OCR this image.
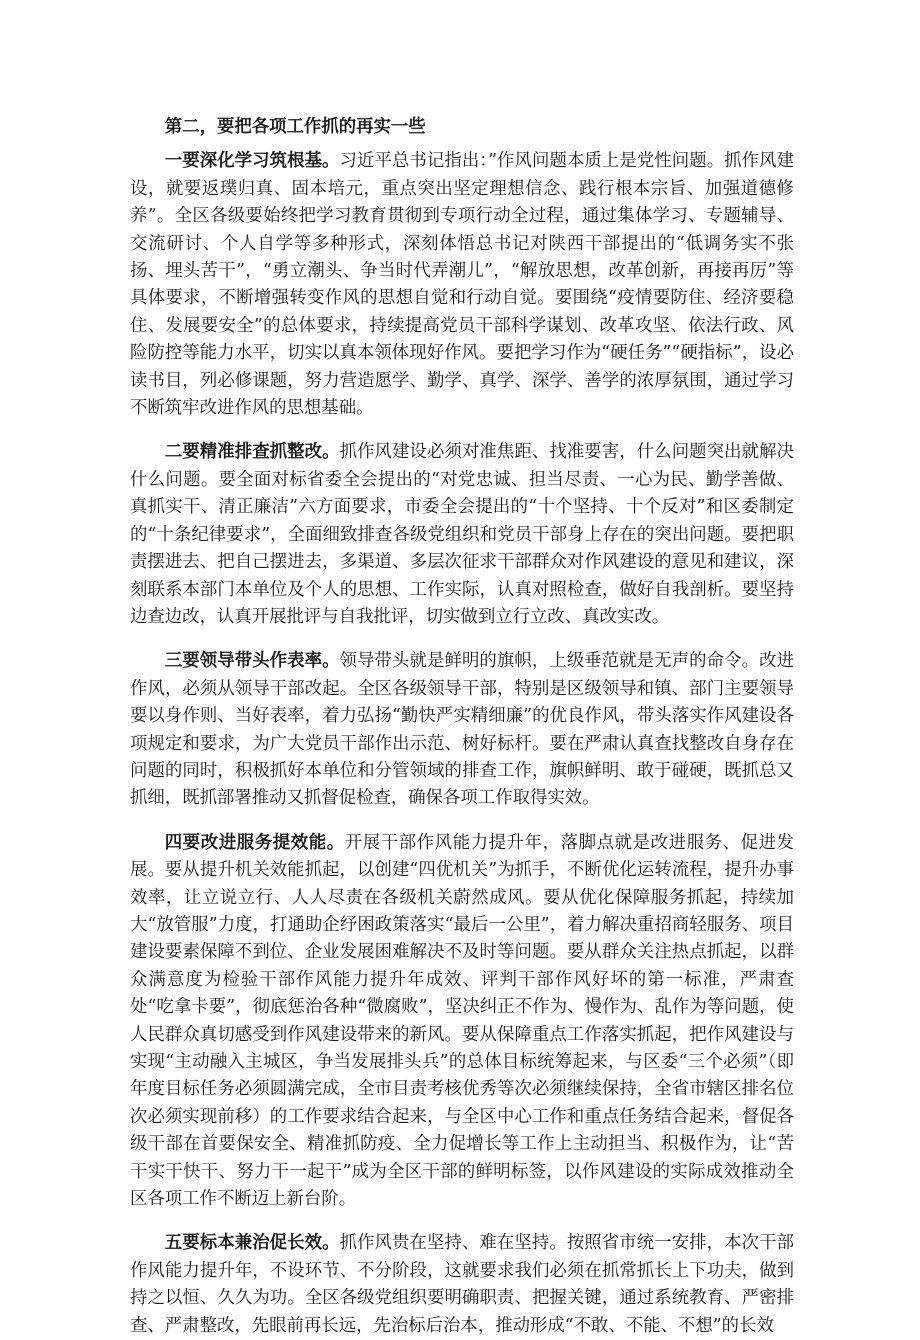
第二，要把各项工作抓的再实一些

一要深化学习筑根基。习近平总书记指出：”作风问题本质上是党性问题。抓作风建设，就要返璞归真、固本培元，重点突出坚定理想信念、践行根本宗旨、加强道德修养”。全区各级要始终把学习教育贯彻到专项行动全过程，通过集体学习、专题辅导、交流研讨、个人自学等多种形式，深刻体悟总书记对陕西干部提出的“低调务实不张扬、埋头苦干”，“勇立潮头、争当时代弄潮儿”，“解放思想，改革创新，再接再厉”等具体要求，不断增强转变作风的思想自觉和行动自觉。要围绕“疫情要防住、经济要稳住、发展要安全”的总体要求，持续提高党员干部科学谋划、改革攻坚、依法行政、风险防控等能力水平，切实以真本领体现好作风。要把学习作为“硬任务”“硬指标”，设必读书目，列必修课题，努力营造愿学、勤学、真学、深学、善学的浓厚氛围，通过学习不断筑牢改进作风的思想基础。

二要精准排查抓整改。抓作风建设必须对准焦距、找准要害，什么问题突出就解决什么问题。要全面对标省委全会提出的“对党忠诚、担当尽责、一心为民、勤学善做、真抓实干、清正廉洁”六方面要求，市委全会提出的“十个坚持、十个反对”和区委制定的“十条纪律要求”，全面细致排查各级党组织和党员干部身上存在的突出问题。要把职责摆进去、把自己摆进去，多渠道、多层次征求干部群众对作风建设的意见和建议，深刻联系本部门本单位及个人的思想、工作实际，认真对照检查，做好自我剖析。要坚持边查边改，认真开展批评与自我批评，切实做到立行立改、真改实改。

三要领导带头作表率。领导带头就是鲜明的旗帜，上级垂范就是无声的命令。改进作风，必须从领导干部改起。全区各级领导干部，特别是区级领导和镇、部门主要领导要以身作则、当好表率，着力弘扬“勤快严实精细廉”的优良作风，带头落实作风建设各项规定和要求，为广大党员干部作出示范、树好标杆。要在严肃认真查找整改自身存在问题的同时，积极抓好本单位和分管领域的排查工作，旗帜鲜明、敢于碰硬，既抓总又抓细，既抓部署推动又抓督促检查，确保各项工作取得实效。

四要改进服务提效能。开展干部作风能力提升年，落脚点就是改进服务、促进发展。要从提升机关效能抓起，以创建“四优机关”为抓手，不断优化运转流程，提升办事效率，让立说立行、人人尽责在各级机关蔚然成风。要从优化保障服务抓起，持续加大“放管服”力度，打通助企纾困政策落实“最后一公里”，着力解决重招商轻服务、项目建设要素保障不到位、企业发展困难解决不及时等问题。要从群众关注热点抓起，以群众满意度为检验干部作风能力提升年成效、评判干部作风好坏的第一标准，严肃查处“吃拿卡要”，彻底惩治各种“微腐败”，坚决纠正不作为、慢作为、乱作为等问题，使人民群众真切感受到作风建设带来的新风。要从保障重点工作落实抓起，把作风建设与实现“主动融入主城区，争当发展排头兵”的总体目标统筹起来，与区委“三个必须”（即年度目标任务必须圆满完成，全市目责考核优秀等次必须继续保持，全省市辖区排名位次必须实现前移）的工作要求结合起来，与全区中心工作和重点任务结合起来，督促各级干部在首要保安全、精准抓防疫、全力促增长等工作上主动担当、积极作为，让“苦干实干快干、努力干一起干”成为全区干部的鲜明标签，以作风建设的实际成效推动全区各项工作不断迈上新台阶。

五要标本兼治促长效。抓作风贵在坚持、难在坚持。按照省市统一安排，本次干部作风能力提升年，不设环节、不分阶段，这就要求我们必须在抓常抓长上下功夫，做到持之以恒、久久为功。全区各级党组织要明确职责、把握关键，通过系统教育、严密排查、严肃整改，先眼前再长远，先治标后治本，推动形成“不敢、不能、不想”的长效
